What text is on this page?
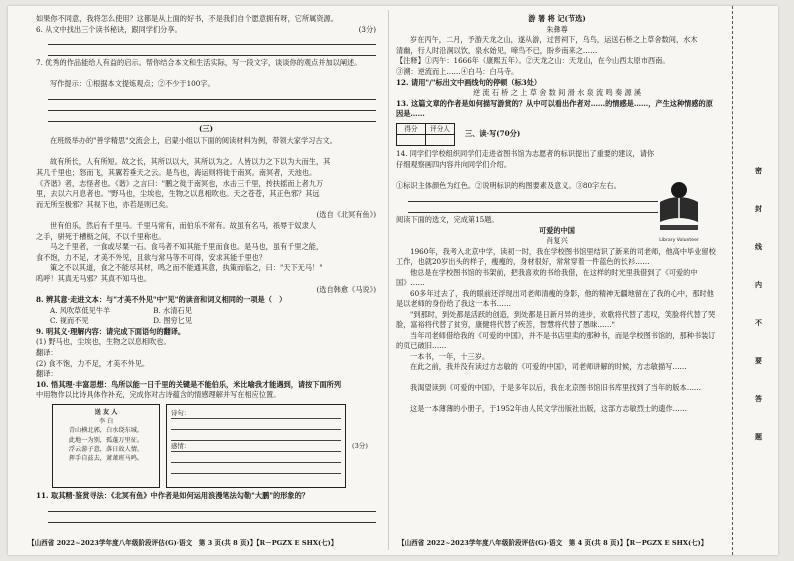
如果你不同意，我将怎么使用？这都是从上面的好书，不是我们自个愿意拥有呀，它所属资源。
6. 从文中找出三个读书秘诀，跟同学们分享。	(3分)
7. 优秀的作品能给人有益的启示。帮你结合本文和生活实际，写一段文字，谈谈你的观点并加以阐述。
写作提示：①根据本文提炼观点；②不少于100字。
(三)
在班级举办的"善学精思"交流会上，启蒙小组以下面的阅读材料为例，带领大家学习古文。
故有所长，人有所短。故之长，其所以以大，其所以为之。人皆以力之下以为大而生，其
其几千里也；怒而飞，其翼若垂天之云。是鸟也，海运则将徙于南冥。南冥者，天池也。
《齐谐》者，志怪者也。《谐》之言曰："鹏之徙于南冥也，水击三千里，抟扶摇而上者九万
里，去以六月息者也。"野马也，尘埃也，生物之以息相吹也。天之苍苍，其正色邪？其远
而无所至极邪？其视下也，亦若是则已矣。
(选自《北冥有鱼》)
世有伯乐，然后有千里马。千里马常有，而伯乐不常有。故虽有名马，祇辱于奴隶人
之手，骈死于槽枥之间，不以千里称也。
马之千里者，一食或尽粟一石。食马者不知其能千里而食也。是马也，虽有千里之能，
食不饱，力不足，才美不外见，且欲与常马等不可得，安求其能千里也？
策之不以其道，食之不能尽其材，鸣之而不能通其意，执策而临之，曰："天下无马！"
呜呼！其真无马邪？其真不知马也。
(选自韩愈《马说》)
8. 辨其意·走进文本：与"才美不外见"中"见"的读音和词义相同的一项是（　）
A. 风吹草低见牛羊　　　　　　B. 水清石见
C. 视而不见　　　　　　　　　D. 图穷匕见
9. 明其义·理解内容：请完成下面语句的翻译。
(1) 野马也，尘埃也，生物之以息相吹也。
翻译：
(2) 食不饱，力不足，才美不外见。
翻译：
10. 悟其理·丰富思想：鸟所以能一日千里的关键是不能伯乐，米比喻我才能遇到，请按下面所列
中用物作以比诗具体作补充，完成你对古诗蕴含的情感理解并写在相应位置。
送 友 人
李 白
青山横北郭，白水绕东城。
此地一为别，孤蓬万里征。
浮云游子意，落日故人情。
挥手自兹去，萧萧班马鸣。
诗句：
感情：	(3分)
11. 取其精·鉴赏寻法：《北冥有鱼》中作者是如何运用浪漫笔法勾勒"大鹏"的形象的？
【山西省 2022~2023学年度八年级阶段评估(G)·语文　第 3 页(共 8 页)】【R－PGZX E SHX(七)】
游 署 将 记(节选)
朱彝尊
岁在丙午，二月，予游天龙之山，遂从游，过晋祠下，乌鸟，运送石桥之上草舍数间，水木
清幽，行人时沿涧以饮，泉水始见，啼鸟不已，盼乡南来之……
【注释】①丙午：1666年（康熙五年）。②天龙之山：天龙山，在今山西太原市西南。
③溯：逆流而上……④白马：白马寺。
12. 请用"/"标出文中画线句的停顿（标3处）
逆 流 石 桥 之 上 草 舍 数 间 滑 水 泉 流 鸣 奏 源 溪
13. 这篇文章的作者是如何描写游赏的？从中可以看出作者对……的情感是……，产生这种情感的原因是……
得分	评分人

三、读·写(70分)
14. 同学们学校组织同学们走进省图书馆为志愿者的标识提出了重要的建议，请你仔细观察画四内容并向同学们介绍。
①标识主体颜色为红色。②说明标识的构图要素及意义。③80字左右。
阅读下面的选文，完成第15题。
可爱的中国
肖复兴
1960年，我考入北京中学，读初一时，我在学校图书馆里结识了新来的司老师，他高中毕业留校工作，也就20岁出头的样子，瘦瘦的，身材很好，常常穿着一件蓝色的长衫……
他总是在学校图书馆的书架前，把我喜欢的书给我借，在这样的时光里我借到了《可爱的中国》……
60多年过去了，我的眼前还浮现出司老师清瘦的身影，他的精神无疆地留在了我的心中，那时他是以老师的身份给了我这一本书……
"到那时，到处都是活跃的创造，到处都是日新月异的进步，欢歌将代替了悲叹，笑脸将代替了哭脸，富裕将代替了贫穷，康健将代替了疾苦，智慧将代替了愚昧……"
当年司老师借给我的《可爱的中国》，并不是书店里卖的那种书，而是学校图书馆的，那种书装订的页已破旧……
一本书，一年，十三岁。
在此之前，我并没有读过方志敏的《可爱的中国》，司老师讲解的时候，方志敏描写……
我渴望读到《可爱的中国》，于是多年以后，我在北京图书馆旧书库里找到了当年的版本……
这是一本薄薄的小册子，于1952年由人民文学出版社出版，这部方志敏烈士的遗作……
Library Volunteer
【山西省 2022~2023学年度八年级阶段评估(G)·语文　第 4 页(共 8 页)】【R－PGZX E SHX(七)】
密
封
线
内
不
要
答
题
